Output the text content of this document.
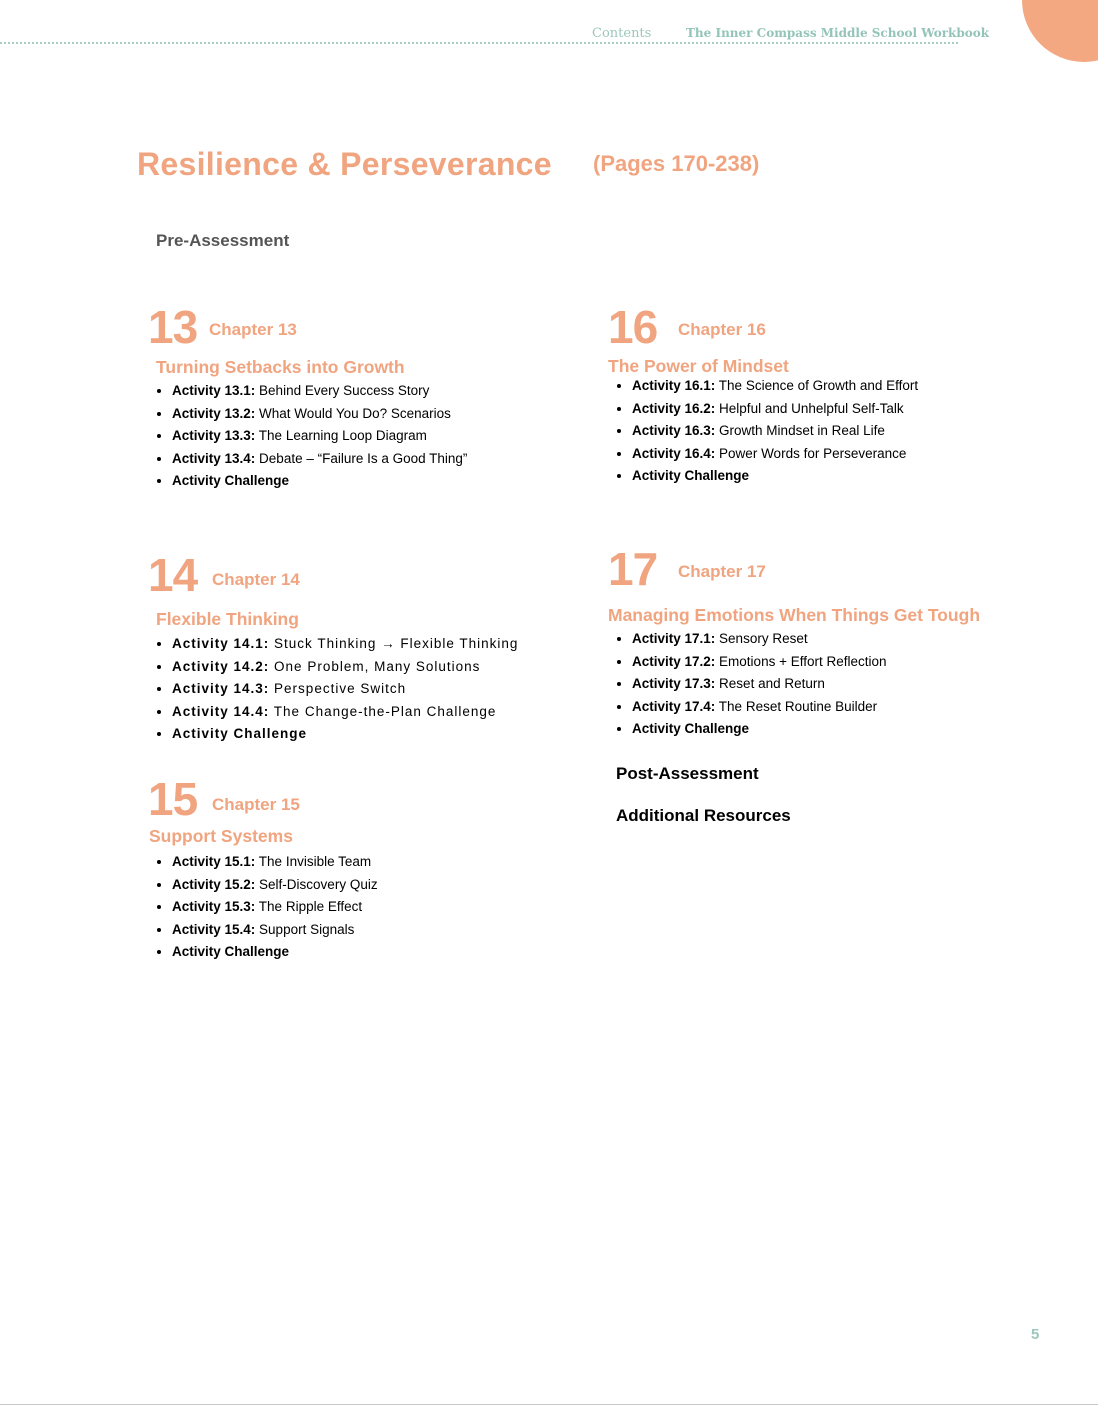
Contents	The Inner Compass Middle School Workbook
Resilience & Perseverance (Pages 170-238)
Pre-Assessment
13 Chapter 13
Turning Setbacks into Growth
• Activity 13.1: Behind Every Success Story
• Activity 13.2: What Would You Do? Scenarios
• Activity 13.3: The Learning Loop Diagram
• Activity 13.4: Debate – “Failure Is a Good Thing”
• Activity Challenge
14 Chapter 14
Flexible Thinking
• Activity 14.1: Stuck Thinking → Flexible Thinking
• Activity 14.2: One Problem, Many Solutions
• Activity 14.3: Perspective Switch
• Activity 14.4: The Change-the-Plan Challenge
• Activity Challenge
15 Chapter 15
Support Systems
• Activity 15.1: The Invisible Team
• Activity 15.2: Self-Discovery Quiz
• Activity 15.3: The Ripple Effect
• Activity 15.4: Support Signals
• Activity Challenge
16 Chapter 16
The Power of Mindset
• Activity 16.1: The Science of Growth and Effort
• Activity 16.2: Helpful and Unhelpful Self-Talk
• Activity 16.3: Growth Mindset in Real Life
• Activity 16.4: Power Words for Perseverance
• Activity Challenge
17 Chapter 17
Managing Emotions When Things Get Tough
• Activity 17.1: Sensory Reset
• Activity 17.2: Emotions + Effort Reflection
• Activity 17.3: Reset and Return
• Activity 17.4: The Reset Routine Builder
• Activity Challenge
Post-Assessment
Additional Resources
5
